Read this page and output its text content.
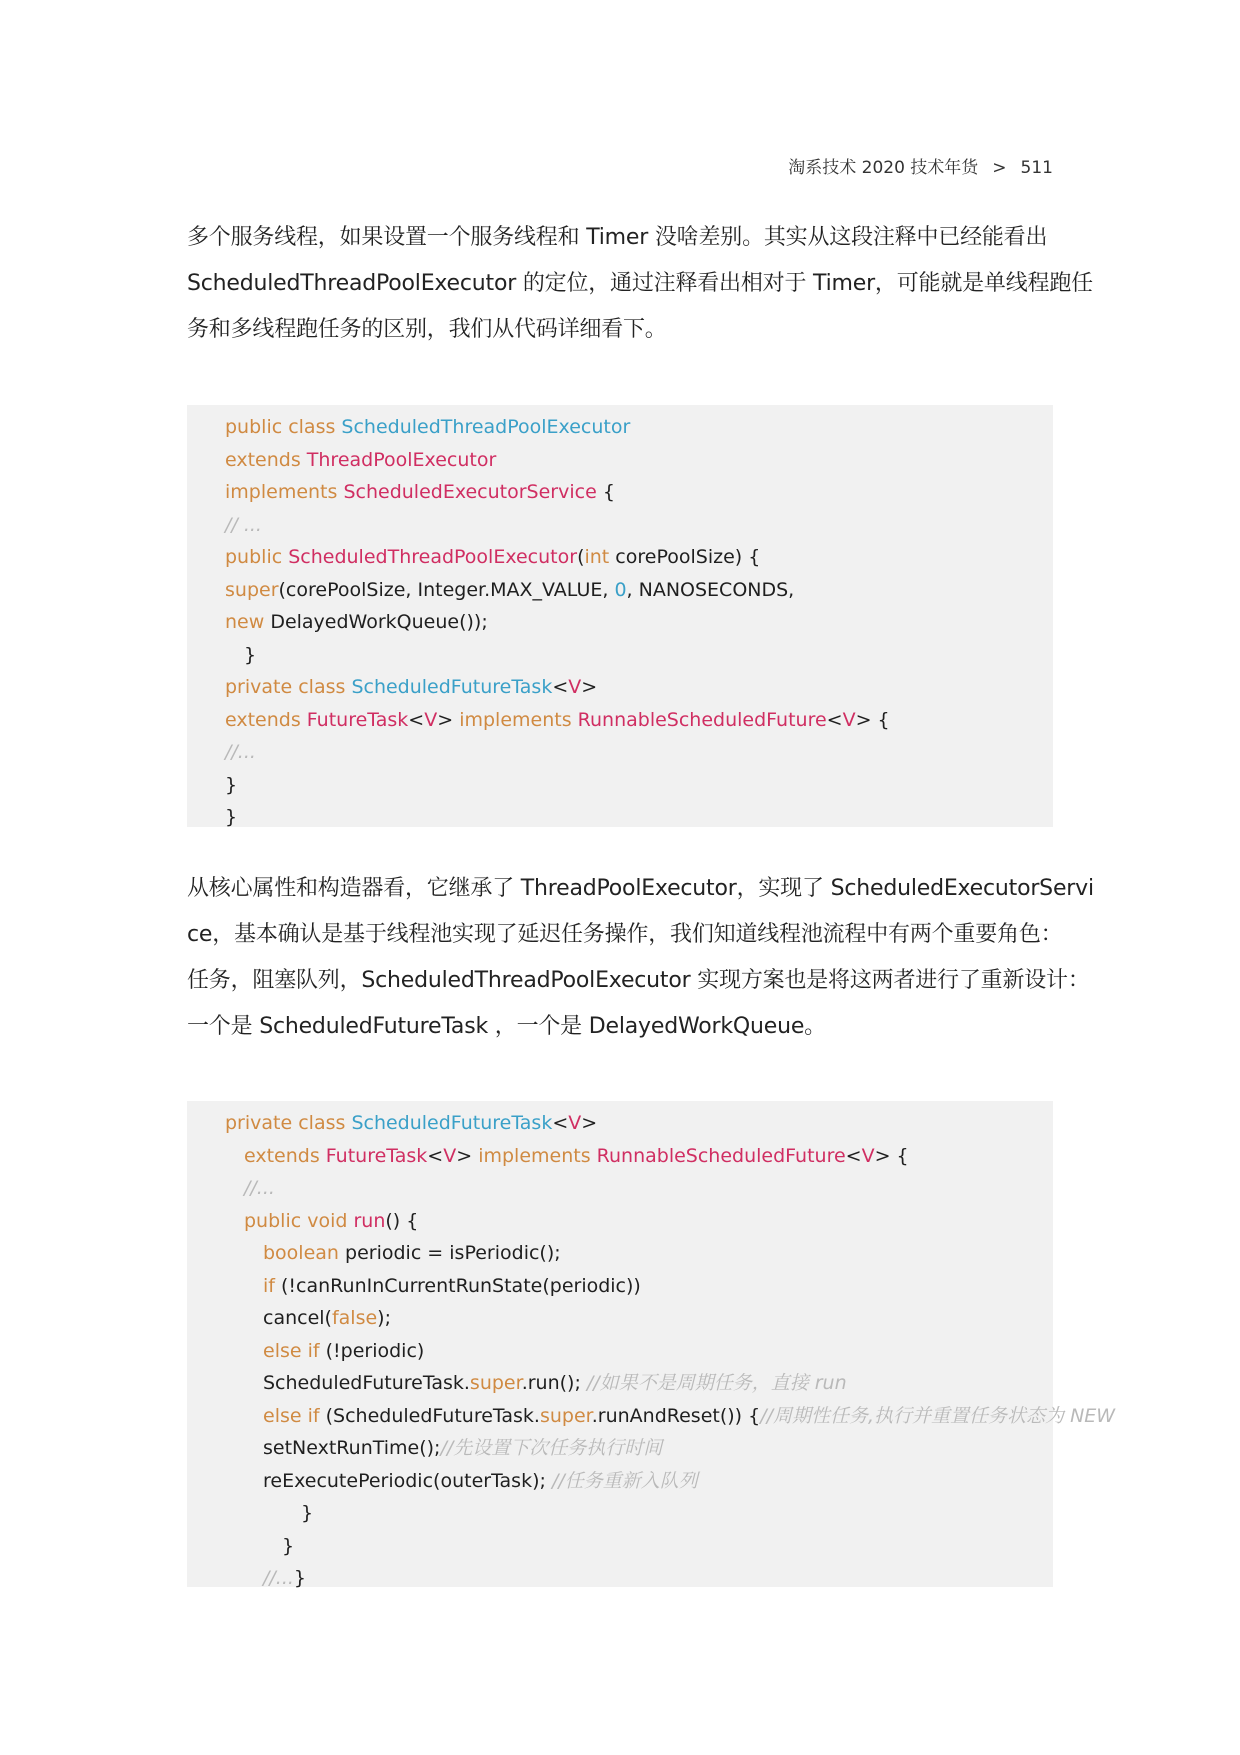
淘系技术 2020 技术年货 > 511
多个服务线程，如果设置一个服务线程和 Timer 没啥差别。其实从这段注释中已经能看出
ScheduledThreadPoolExecutor 的定位，通过注释看出相对于 Timer，可能就是单线程跑任
务和多线程跑任务的区别，我们从代码详细看下。
public class ScheduledThreadPoolExecutor
extends ThreadPoolExecutor
implements ScheduledExecutorService {
// ...
public ScheduledThreadPoolExecutor(int corePoolSize) {
super(corePoolSize, Integer.MAX_VALUE, 0, NANOSECONDS,
new DelayedWorkQueue());
}
private class ScheduledFutureTask<V>
extends FutureTask<V> implements RunnableScheduledFuture<V> {
//...
}
}
从核心属性和构造器看，它继承了 ThreadPoolExecutor，实现了 ScheduledExecutorServi
ce，基本确认是基于线程池实现了延迟任务操作，我们知道线程池流程中有两个重要角色：
任务，阻塞队列，ScheduledThreadPoolExecutor 实现方案也是将这两者进行了重新设计：
一个是 ScheduledFutureTask ，一个是 DelayedWorkQueue。
private class ScheduledFutureTask<V>
extends FutureTask<V> implements RunnableScheduledFuture<V> {
//...
public void run() {
boolean periodic = isPeriodic();
if (!canRunInCurrentRunState(periodic))
cancel(false);
else if (!periodic)
ScheduledFutureTask.super.run(); //如果不是周期任务，直接 run
else if (ScheduledFutureTask.super.runAndReset()) {//周期性任务,执行并重置任务状态为 NEW
setNextRunTime();//先设置下次任务执行时间
reExecutePeriodic(outerTask); //任务重新入队列
}
}
//...}
